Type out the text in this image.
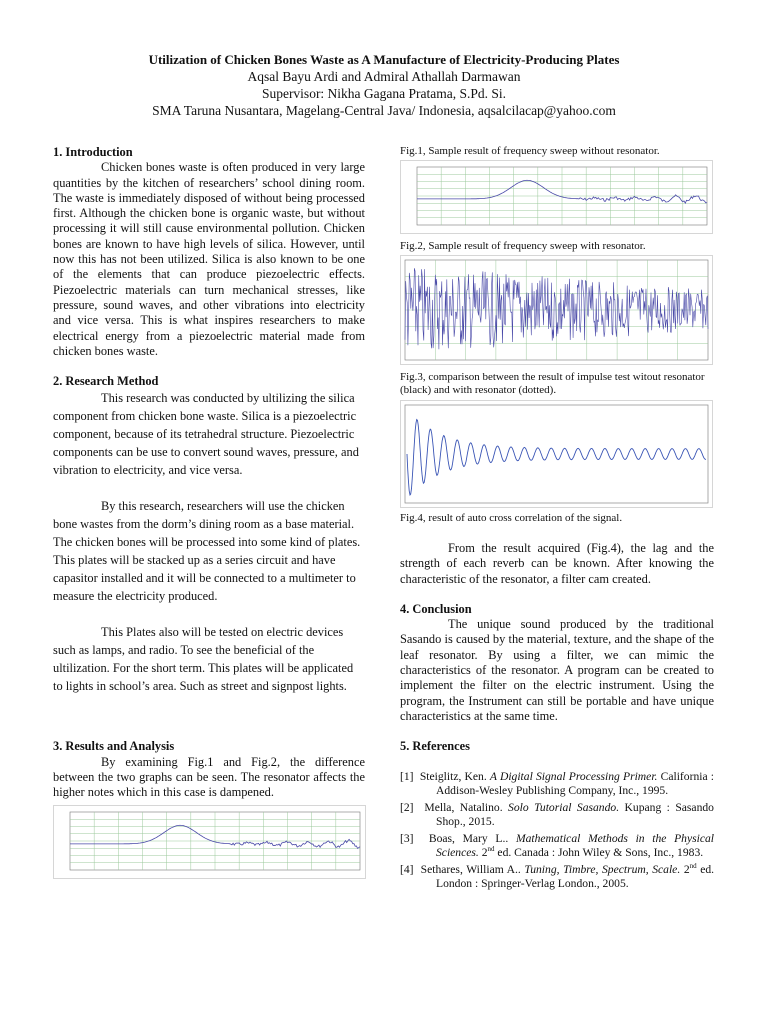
Utilization of Chicken Bones Waste as A Manufacture of Electricity-Producing Plates
Aqsal Bayu Ardi and Admiral Athallah Darmawan
Supervisor: Nikha Gagana Pratama, S.Pd. Si.
SMA Taruna Nusantara, Magelang-Central Java/ Indonesia, aqsalcilacap@yahoo.com
1. Introduction
Chicken bones waste is often produced in very large quantities by the kitchen of researchers’ school dining room. The waste is immediately disposed of without being processed first. Although the chicken bone is organic waste, but without processing it will still cause environmental pollution. Chicken bones are known to have high levels of silica. However, until now this has not been utilized. Silica is also known to be one of the elements that can produce piezoelectric effects. Piezoelectric materials can turn mechanical stresses, like pressure, sound waves, and other vibrations into electricity and vice versa. This is what inspires researchers to make electrical energy from a piezoelectric material made from chicken bones waste.
2. Research Method
This research was conducted by ultilizing the silica component from chicken bone waste. Silica is a piezoelectric component, because of its tetrahedral structure. Piezoelectric components can be use to convert sound waves, pressure, and vibration to electricity, and vice versa.
By this research, researchers will use the chicken bone wastes from the dorm’s dining room as a base material. The chicken bones will be processed into some kind of plates. This plates will be stacked up as a series circuit and have capasitor installed and it will be connected to a multimeter to measure the electricity produced.
This Plates also will be tested on electric devices such as lamps, and radio. To see the beneficial of the ultilization. For the short term. This plates will be applicated to lights in school’s area. Such as street and signpost lights.
3. Results and Analysis
By examining Fig.1 and Fig.2, the difference between the two graphs can be seen. The resonator affects the higher notes which in this case is dampened.
Fig.1, Sample result of frequency sweep without resonator.
Fig.2, Sample result of frequency sweep with resonator.
Fig.3, comparison between the result of impulse test witout resonator (black) and with resonator (dotted).
Fig.4, result of auto cross correlation of the signal.
From the result acquired (Fig.4), the lag and the strength of each reverb can be known. After knowing the characteristic of the resonator, a filter cam created.
4. Conclusion
The unique sound produced by the traditional Sasando is caused by the material, texture, and the shape of the leaf resonator. By using a filter, we can mimic the characteristics of the resonator. A program can be created to implement the filter on the electric instrument. Using the program, the Instrument can still be portable and have unique characteristics at the same time.
5. References
[1] Steiglitz, Ken. A Digital Signal Processing Primer. California : Addison-Wesley Publishing Company, Inc., 1995.
[2] Mella, Natalino. Solo Tutorial Sasando. Kupang : Sasando Shop., 2015.
[3] Boas, Mary L.. Mathematical Methods in the Physical Sciences. 2nd ed. Canada : John Wiley & Sons, Inc., 1983.
[4] Sethares, William A.. Tuning, Timbre, Spectrum, Scale. 2nd ed. London : Springer-Verlag London., 2005.
